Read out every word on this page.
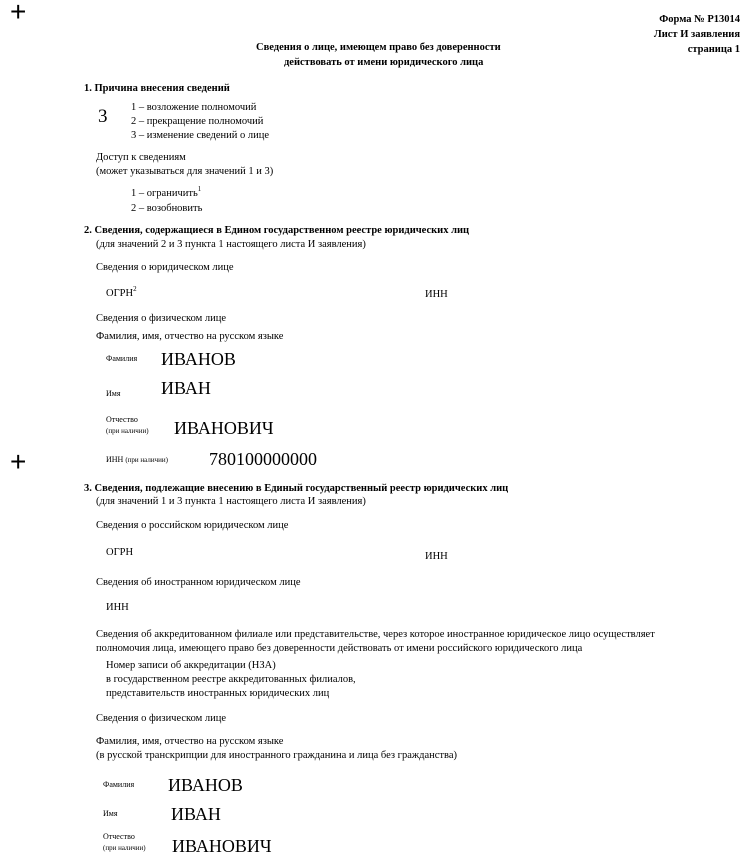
+
+
Форма № Р13014
Лист И заявления
страница 1
Сведения о лице, имеющем право без доверенности
действовать от имени юридического лица
1. Причина внесения сведений
3 1 – возложение полномочий
2 – прекращение полномочий
3 – изменение сведений о лице
Доступ к сведениям
(может указываться для значений 1 и 3)
1 – ограничить$^1$
2 – возобновить
2. Сведения, содержащиеся в Едином государственном реестре юридических лиц
(для значений 2 и 3 пункта 1 настоящего листа И заявления)
Сведения о юридическом лице
ОГРН$^2$	ИНН
Сведения о физическом лице
Фамилия, имя, отчество на русском языке
Фамилия ИВАНОВ
Имя ИВАН
Отчество
(при наличии) ИВАНОВИЧ
ИНН (при наличии) 780100000000
3. Сведения, подлежащие внесению в Единый государственный реестр юридических лиц
(для значений 1 и 3 пункта 1 настоящего листа И заявления)
Сведения о российском юридическом лице
ОГРН	ИНН
Сведения об иностранном юридическом лице
ИНН
Сведения об аккредитованном филиале или представительстве, через которое иностранное юридическое лицо осуществляет
полномочия лица, имеющего право без доверенности действовать от имени российского юридического лица
Номер записи об аккредитации (НЗА)
в государственном реестре аккредитованных филиалов,
представительств иностранных юридических лиц
Сведения о физическом лице
Фамилия, имя, отчество на русском языке
(в русской транскрипции для иностранного гражданина и лица без гражданства)
Фамилия ИВАНОВ
Имя	ИВАН
Отчество
(при наличии) ИВАНОВИЧ
